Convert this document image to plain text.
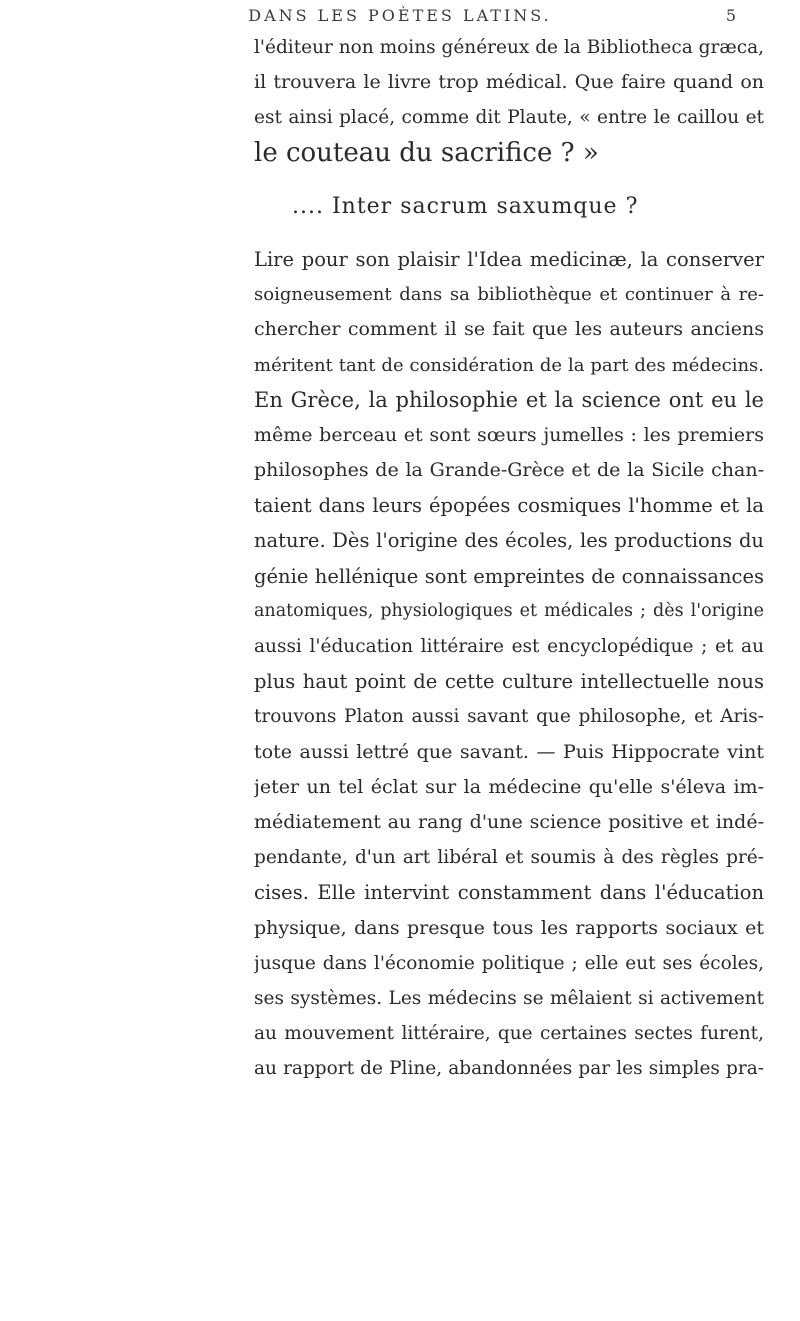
DANS LES POÈTES LATINS.	5
l'éditeur non moins généreux de la Bibliotheca græca,
il trouvera le livre trop médical. Que faire quand on
est ainsi placé, comme dit Plaute, « entre le caillou et
le couteau du sacrifice ? »
.... Inter sacrum saxumque ?
Lire pour son plaisir l'Idea medicinæ, la conserver
soigneusement dans sa bibliothèque et continuer à re-
chercher comment il se fait que les auteurs anciens
méritent tant de considération de la part des médecins.
En Grèce, la philosophie et la science ont eu le
même berceau et sont sœurs jumelles : les premiers
philosophes de la Grande-Grèce et de la Sicile chan-
taient dans leurs épopées cosmiques l'homme et la
nature. Dès l'origine des écoles, les productions du
génie hellénique sont empreintes de connaissances
anatomiques, physiologiques et médicales ; dès l'origine
aussi l'éducation littéraire est encyclopédique ; et au
plus haut point de cette culture intellectuelle nous
trouvons Platon aussi savant que philosophe, et Aris-
tote aussi lettré que savant. — Puis Hippocrate vint
jeter un tel éclat sur la médecine qu'elle s'éleva im-
médiatement au rang d'une science positive et indé-
pendante, d'un art libéral et soumis à des règles pré-
cises. Elle intervint constamment dans l'éducation
physique, dans presque tous les rapports sociaux et
jusque dans l'économie politique ; elle eut ses écoles,
ses systèmes. Les médecins se mêlaient si activement
au mouvement littéraire, que certaines sectes furent,
au rapport de Pline, abandonnées par les simples pra-
